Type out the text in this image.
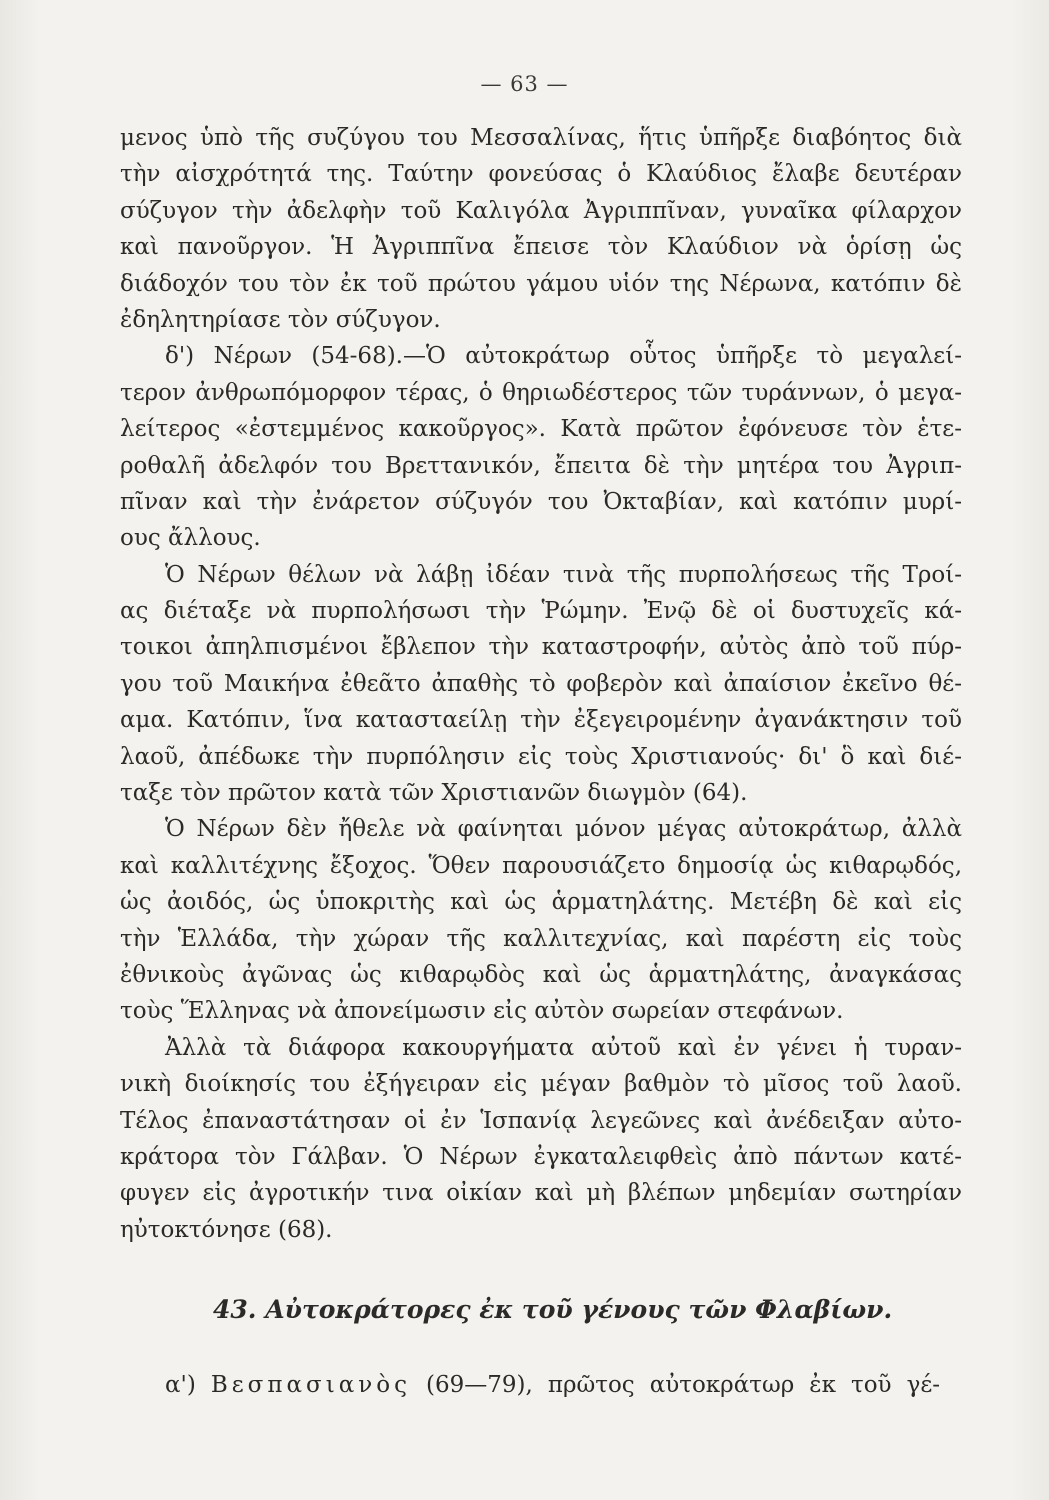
— 63 —
μενος ὑπὸ τῆς συζύγου του Μεσσαλίνας, ἥτις ὑπῆρξε διαβόητος διὰ
τὴν αἰσχρότητά της. Ταύτην φονεύσας ὁ Κλαύδιος ἔλαβε δευτέραν
σύζυγον τὴν ἀδελφὴν τοῦ Καλιγόλα Ἀγριππῖναν, γυναῖκα φίλαρχον
καὶ πανοῦργον. Ἡ Ἀγριππῖνα ἔπεισε τὸν Κλαύδιον νὰ ὁρίσῃ ὡς
διάδοχόν του τὸν ἐκ τοῦ πρώτου γάμου υἱόν της Νέρωνα, κατόπιν δὲ
ἐδηλητηρίασε τὸν σύζυγον.
δ') Νέρων (54-68).—Ὁ αὐτοκράτωρ οὗτος ὑπῆρξε τὸ μεγαλεί-
τερον ἀνθρωπόμορφον τέρας, ὁ θηριωδέστερος τῶν τυράννων, ὁ μεγα-
λείτερος «ἐστεμμένος κακοῦργος». Κατὰ πρῶτον ἐφόνευσε τὸν ἑτε-
ροθαλῆ ἀδελφόν του Βρεττανικόν, ἔπειτα δὲ τὴν μητέρα του Ἀγριπ-
πῖναν καὶ τὴν ἐνάρετον σύζυγόν του Ὀκταβίαν, καὶ κατόπιν μυρί-
ους ἄλλους.
Ὁ Νέρων θέλων νὰ λάβῃ ἰδέαν τινὰ τῆς πυρπολήσεως τῆς Τροί-
ας διέταξε νὰ πυρπολήσωσι τὴν Ῥώμην. Ἐνῷ δὲ οἱ δυστυχεῖς κά-
τοικοι ἀπηλπισμένοι ἔβλεπον τὴν καταστροφήν, αὐτὸς ἀπὸ τοῦ πύρ-
γου τοῦ Μαικήνα ἐθεᾶτο ἀπαθὴς τὸ φοβερὸν καὶ ἀπαίσιον ἐκεῖνο θέ-
αμα. Κατόπιν, ἵνα κατασταείλῃ τὴν ἐξεγειρομένην ἀγανάκτησιν τοῦ
λαοῦ, ἀπέδωκε τὴν πυρπόλησιν εἰς τοὺς Χριστιανούς· δι' ὃ καὶ διέ-
ταξε τὸν πρῶτον κατὰ τῶν Χριστιανῶν διωγμὸν (64).
Ὁ Νέρων δὲν ἤθελε νὰ φαίνηται μόνον μέγας αὐτοκράτωρ, ἀλλὰ
καὶ καλλιτέχνης ἔξοχος. Ὅθεν παρουσιάζετο δημοσίᾳ ὡς κιθαρῳδός,
ὡς ἀοιδός, ὡς ὑποκριτὴς καὶ ὡς ἁρματηλάτης. Μετέβη δὲ καὶ εἰς
τὴν Ἑλλάδα, τὴν χώραν τῆς καλλιτεχνίας, καὶ παρέστη εἰς τοὺς
ἐθνικοὺς ἀγῶνας ὡς κιθαρῳδὸς καὶ ὡς ἁρματηλάτης, ἀναγκάσας
τοὺς Ἕλληνας νὰ ἀπονείμωσιν εἰς αὐτὸν σωρείαν στεφάνων.
Ἀλλὰ τὰ διάφορα κακουργήματα αὐτοῦ καὶ ἐν γένει ἡ τυραν-
νικὴ διοίκησίς του ἐξήγειραν εἰς μέγαν βαθμὸν τὸ μῖσος τοῦ λαοῦ.
Τέλος ἐπαναστάτησαν οἱ ἐν Ἱσπανίᾳ λεγεῶνες καὶ ἀνέδειξαν αὐτο-
κράτορα τὸν Γάλβαν. Ὁ Νέρων ἐγκαταλειφθεὶς ἀπὸ πάντων κατέ-
φυγεν εἰς ἀγροτικήν τινα οἰκίαν καὶ μὴ βλέπων μηδεμίαν σωτηρίαν
ηὐτοκτόνησε (68).
43. Αὐτοκράτορες ἐκ τοῦ γένους τῶν Φλαβίων.
α') Βεσπασιανὸς (69—79), πρῶτος αὐτοκράτωρ ἐκ τοῦ γέ-
